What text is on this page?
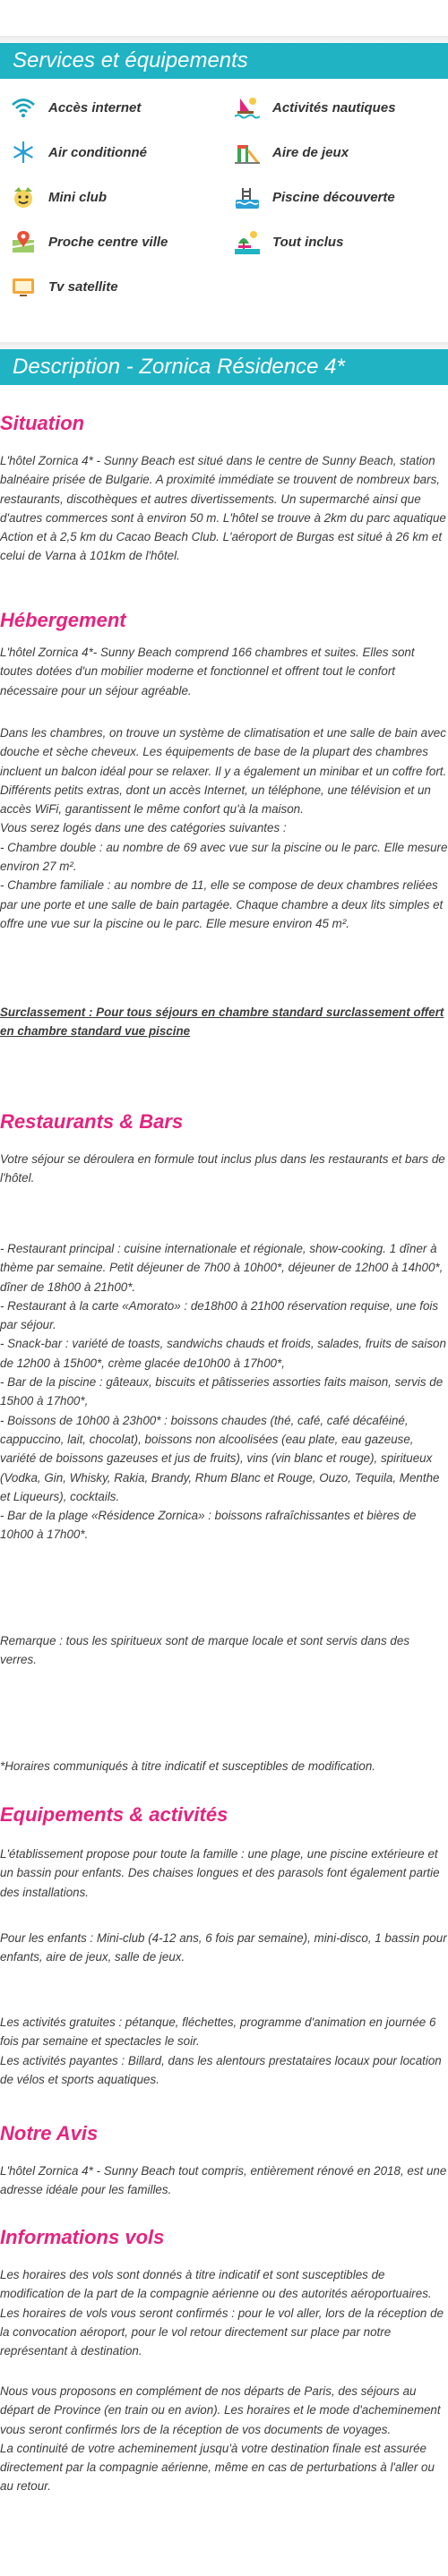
Services et équipements
Accès internet	Activités nautiques
Air conditionné	Aire de jeux
Mini club	Piscine découverte
Proche centre ville	Tout inclus
Tv satellite
Description - Zornica Résidence 4*
Situation

L'hôtel Zornica 4* - Sunny Beach est situé dans le centre de Sunny Beach, station balnéaire prisée de Bulgarie. A proximité immédiate se trouvent de nombreux bars, restaurants, discothèques et autres divertissements. Un supermarché ainsi que d'autres commerces sont à environ 50 m. L'hôtel se trouve à 2km du parc aquatique Action et à 2,5 km du Cacao Beach Club. L'aéroport de Burgas est situé à 26 km et celui de Varna à 101km de l'hôtel.

Hébergement

L'hôtel Zornica 4*- Sunny Beach comprend 166 chambres et suites. Elles sont toutes dotées d'un mobilier moderne et fonctionnel et offrent tout le confort nécessaire pour un séjour agréable.

Dans les chambres, on trouve un système de climatisation et une salle de bain avec douche et sèche cheveux. Les équipements de base de la plupart des chambres incluent un balcon idéal pour se relaxer. Il y a également un minibar et un coffre fort. Différents petits extras, dont un accès Internet, un téléphone, une télévision et un accès WiFi, garantissent le même confort qu'à la maison.
Vous serez logés dans une des catégories suivantes :
- Chambre double : au nombre de 69 avec vue sur la piscine ou le parc. Elle mesure environ 27 m².
- Chambre familiale : au nombre de 11, elle se compose de deux chambres reliées par une porte et une salle de bain partagée. Chaque chambre a deux lits simples et offre une vue sur la piscine ou le parc. Elle mesure environ 45 m².

Surclassement : Pour tous séjours en chambre standard surclassement offert en chambre standard vue piscine

Restaurants & Bars

Votre séjour se déroulera en formule tout inclus plus dans les restaurants et bars de l'hôtel.

- Restaurant principal : cuisine internationale et régionale, show-cooking. 1 dîner à thème par semaine. Petit déjeuner de 7h00 à 10h00*, déjeuner de 12h00 à 14h00*, dîner de 18h00 à 21h00*.
- Restaurant à la carte «Amorato» : de18h00 à 21h00 réservation requise, une fois par séjour.
- Snack-bar : variété de toasts, sandwichs chauds et froids, salades, fruits de saison de 12h00 à 15h00*, crème glacée de10h00 à 17h00*,
- Bar de la piscine : gâteaux, biscuits et pâtisseries assorties faits maison, servis de 15h00 à 17h00*,
- Boissons de 10h00 à 23h00* : boissons chaudes (thé, café, café décaféiné, cappuccino, lait, chocolat), boissons non alcoolisées (eau plate, eau gazeuse, variété de boissons gazeuses et jus de fruits), vins (vin blanc et rouge), spiritueux (Vodka, Gin, Whisky, Rakia, Brandy, Rhum Blanc et Rouge, Ouzo, Tequila, Menthe et Liqueurs), cocktails.
- Bar de la plage «Résidence Zornica» : boissons rafraîchissantes et bières de 10h00 à 17h00*.

Remarque : tous les spiritueux sont de marque locale et sont servis dans des verres.

*Horaires communiqués à titre indicatif et susceptibles de modification.

Equipements & activités

L'établissement propose pour toute la famille : une plage, une piscine extérieure et un bassin pour enfants. Des chaises longues et des parasols font également partie des installations.

Pour les enfants : Mini-club (4-12 ans, 6 fois par semaine), mini-disco, 1 bassin pour enfants, aire de jeux, salle de jeux.

Les activités gratuites : pétanque, fléchettes, programme d'animation en journée 6 fois par semaine et spectacles le soir.
Les activités payantes : Billard, dans les alentours prestataires locaux pour location de vélos et sports aquatiques.

Notre Avis

L'hôtel Zornica 4* - Sunny Beach tout compris, entièrement rénové en 2018, est une adresse idéale pour les familles.

Informations vols

Les horaires des vols sont donnés à titre indicatif et sont susceptibles de modification de la part de la compagnie aérienne ou des autorités aéroportuaires.
Les horaires de vols vous seront confirmés : pour le vol aller, lors de la réception de la convocation aéroport, pour le vol retour directement sur place par notre représentant à destination.

Nous vous proposons en complément de nos départs de Paris, des séjours au départ de Province (en train ou en avion). Les horaires et le mode d'acheminement vous seront confirmés lors de la réception de vos documents de voyages.
La continuité de votre acheminement jusqu'à votre destination finale est assurée directement par la compagnie aérienne, même en cas de perturbations à l'aller ou au retour.
